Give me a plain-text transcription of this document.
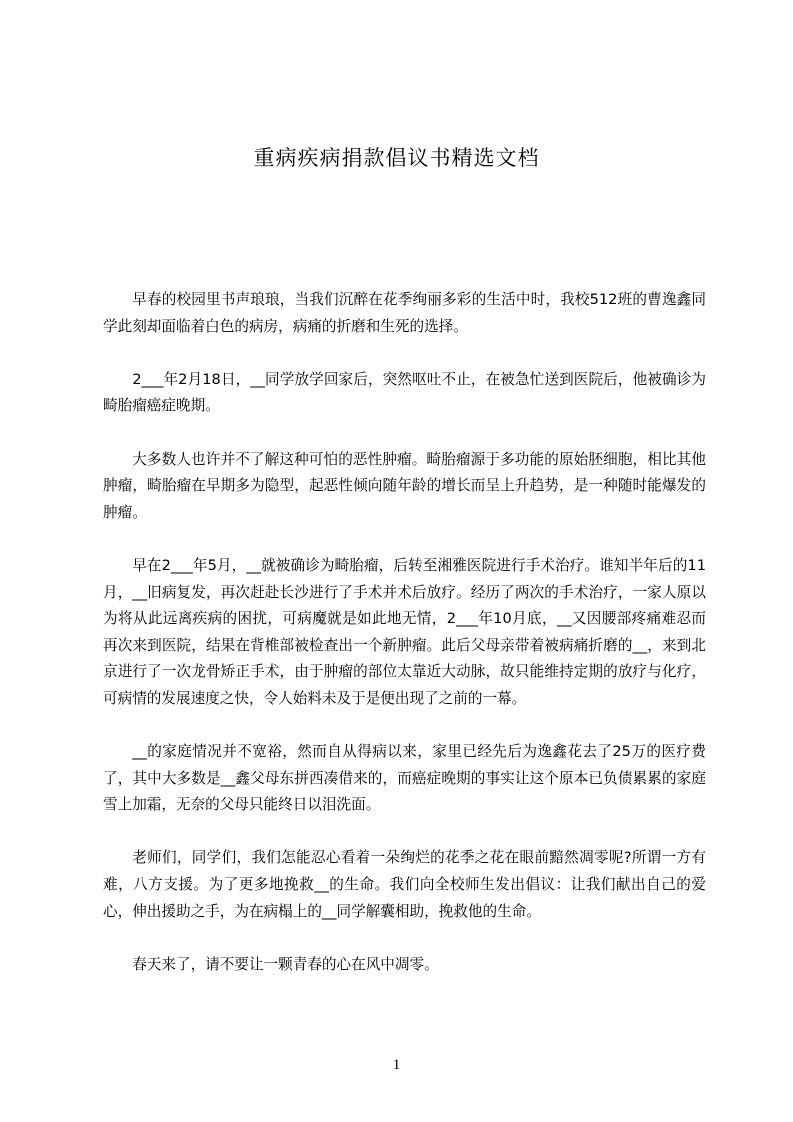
重病疾病捐款倡议书精选文档

早春的校园里书声琅琅，当我们沉醉在花季绚丽多彩的生活中时，我校512班的曹逸鑫同学此刻却面临着白色的病房，病痛的折磨和生死的选择。

2___年2月18日，__同学放学回家后，突然呕吐不止，在被急忙送到医院后，他被确诊为畸胎瘤癌症晚期。

大多数人也许并不了解这种可怕的恶性肿瘤。畸胎瘤源于多功能的原始胚细胞，相比其他肿瘤，畸胎瘤在早期多为隐型，起恶性倾向随年龄的增长而呈上升趋势，是一种随时能爆发的肿瘤。

早在2___年5月，__就被确诊为畸胎瘤，后转至湘雅医院进行手术治疗。谁知半年后的11月，__旧病复发，再次赶赴长沙进行了手术并术后放疗。经历了两次的手术治疗，一家人原以为将从此远离疾病的困扰，可病魔就是如此地无情，2___年10月底，__又因腰部疼痛难忍而再次来到医院，结果在背椎部被检查出一个新肿瘤。此后父母亲带着被病痛折磨的__，来到北京进行了一次龙骨矫正手术，由于肿瘤的部位太靠近大动脉，故只能维持定期的放疗与化疗，可病情的发展速度之快，令人始料未及于是便出现了之前的一幕。

__的家庭情况并不宽裕，然而自从得病以来，家里已经先后为逸鑫花去了25万的医疗费了，其中大多数是__鑫父母东拼西凑借来的，而癌症晚期的事实让这个原本已负债累累的家庭雪上加霜，无奈的父母只能终日以泪洗面。

老师们，同学们，我们怎能忍心看着一朵绚烂的花季之花在眼前黯然凋零呢?所谓一方有难，八方支援。为了更多地挽救__的生命。我们向全校师生发出倡议：让我们献出自己的爱心，伸出援助之手，为在病榻上的__同学解囊相助，挽救他的生命。

春天来了，请不要让一颗青春的心在风中凋零。

1
